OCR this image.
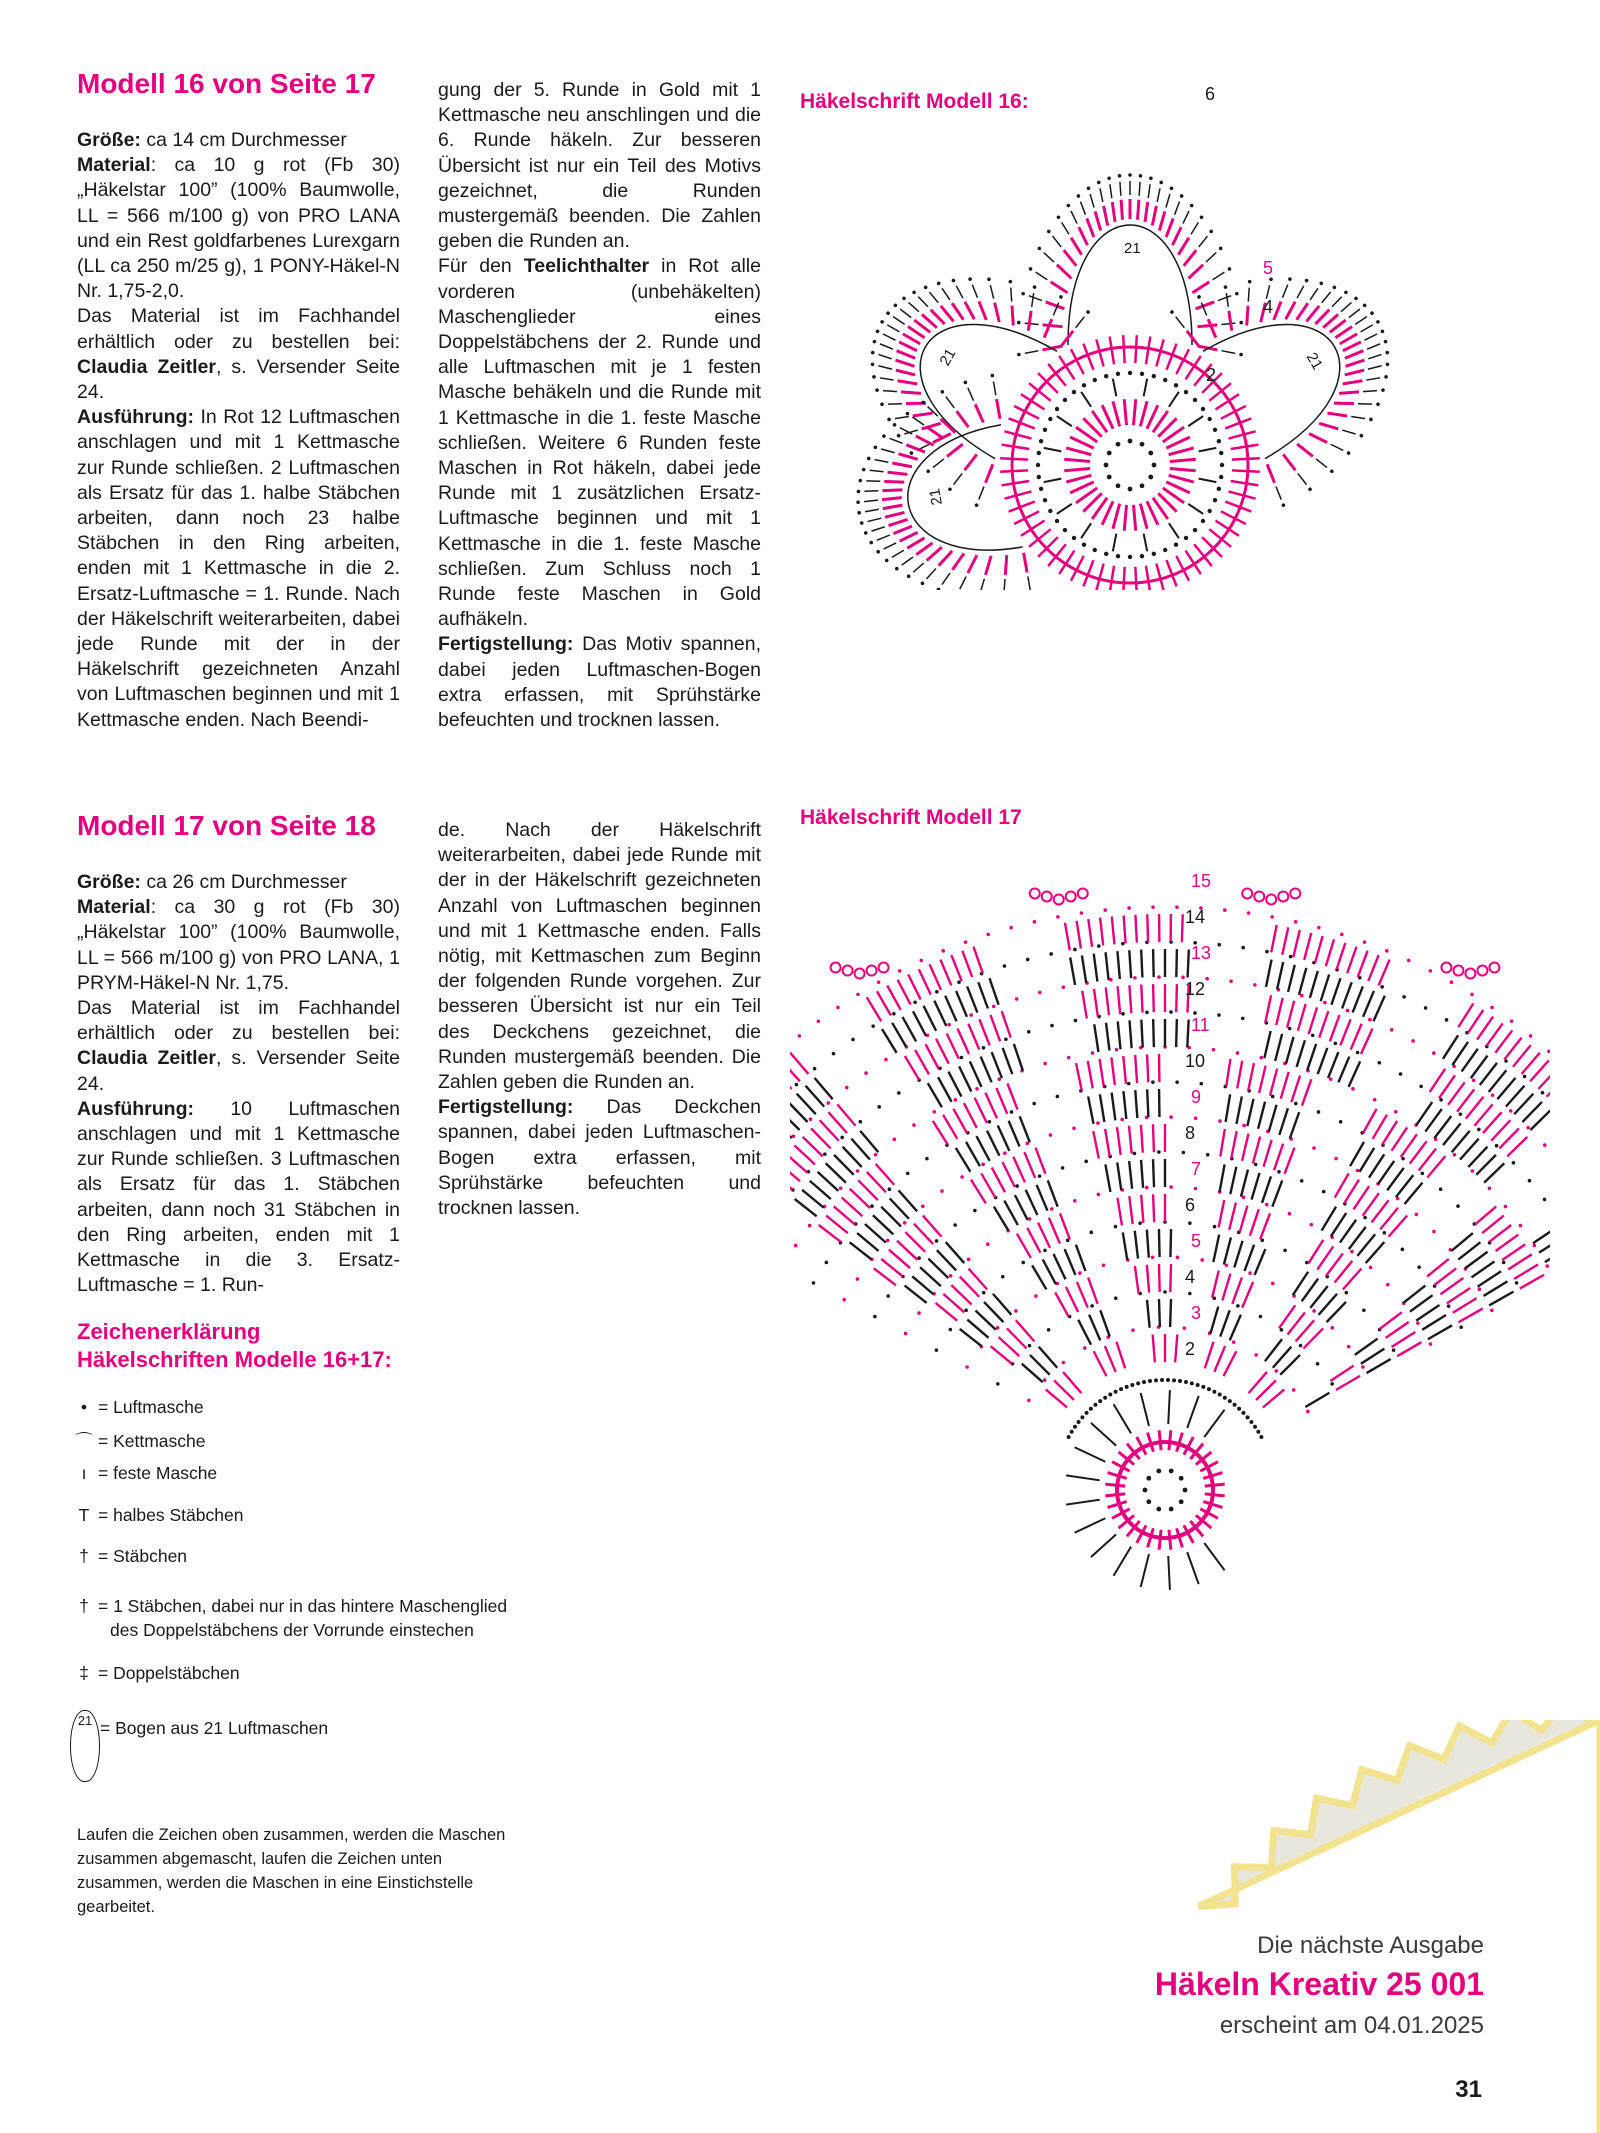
Modell 16 von Seite 17

Größe: ca 14 cm Durchmesser

Material: ca 10 g rot (Fb 30) „Häkelstar 100” (100% Baumwolle, LL = 566 m/100 g) von PRO LANA und ein Rest goldfarbenes Lurexgarn (LL ca 250 m/25 g), 1 PONY-Häkel-N Nr. 1,75-2,0.

Das Material ist im Fachhandel erhältlich oder zu bestellen bei: Claudia Zeitler, s. Versender Seite 24.

Ausführung: In Rot 12 Luftmaschen anschlagen und mit 1 Kettmasche zur Runde schließen. 2 Luftmaschen als Ersatz für das 1. halbe Stäbchen arbeiten, dann noch 23 halbe Stäbchen in den Ring arbeiten, enden mit 1 Kettmasche in die 2. Ersatz-Luftmasche = 1. Runde. Nach der Häkelschrift weiterarbeiten, dabei jede Runde mit der in der Häkelschrift gezeichneten Anzahl von Luftmaschen beginnen und mit 1 Kettmasche enden. Nach Beendi-

gung der 5. Runde in Gold mit 1 Kettmasche neu anschlingen und die 6. Runde häkeln. Zur besseren Übersicht ist nur ein Teil des Motivs gezeichnet, die Runden mustergemäß beenden. Die Zahlen geben die Runden an.

Für den Teelichthalter in Rot alle vorderen (unbehäkelten) Maschenglieder eines Doppelstäbchens der 2. Runde und alle Luftmaschen mit je 1 festen Masche behäkeln und die Runde mit 1 Kettmasche in die 1. feste Masche schließen. Weitere 6 Runden feste Maschen in Rot häkeln, dabei jede Runde mit 1 zusätzlichen Ersatz-Luftmasche beginnen und mit 1 Kettmasche in die 1. feste Masche schließen. Zum Schluss noch 1 Runde feste Maschen in Gold aufhäkeln.

Fertigstellung: Das Motiv spannen, dabei jeden Luftmaschen-Bogen extra erfassen, mit Sprühstärke befeuchten und trocknen lassen.

Häkelschrift Modell 16:
21
21
21
21
6
5
4
2
Modell 17 von Seite 18

Größe: ca 26 cm Durchmesser

Material: ca 30 g rot (Fb 30) „Häkelstar 100” (100% Baumwolle, LL = 566 m/100 g) von PRO LANA, 1 PRYM-Häkel-N Nr. 1,75.

Das Material ist im Fachhandel erhältlich oder zu bestellen bei: Claudia Zeitler, s. Versender Seite 24.

Ausführung: 10 Luftmaschen anschlagen und mit 1 Kettmasche zur Runde schließen. 3 Luftmaschen als Ersatz für das 1. Stäbchen arbeiten, dann noch 31 Stäbchen in den Ring arbeiten, enden mit 1 Kettmasche in die 3. Ersatz-Luftmasche = 1. Run-

de. Nach der Häkelschrift weiterarbeiten, dabei jede Runde mit der in der Häkelschrift gezeichneten Anzahl von Luftmaschen beginnen und mit 1 Kettmasche enden. Falls nötig, mit Kettmaschen zum Beginn der folgenden Runde vorgehen. Zur besseren Übersicht ist nur ein Teil des Deckchens gezeichnet, die Runden mustergemäß beenden. Die Zahlen geben die Runden an.

Fertigstellung: Das Deckchen spannen, dabei jeden Luftmaschen-Bogen extra erfassen, mit Sprühstärke befeuchten und trocknen lassen.

Häkelschrift Modell 17
2
3
4
5
6
7
8
9
10
11
12
13
14
15
Zeichenerklärung
Häkelschriften Modelle 16+17:
• = Luftmasche
⌒ = Kettmasche
ı = feste Masche
T = halbes Stäbchen
† = Stäbchen
† = 1 Stäbchen, dabei nur in das hintere Maschenglied
des Doppelstäbchens der Vorrunde einstechen
‡ = Doppelstäbchen
21 = Bogen aus 21 Luftmaschen
Laufen die Zeichen oben zusammen, werden die Maschen zusammen abgemascht, laufen die Zeichen unten zusammen, werden die Maschen in eine Einstichstelle gearbeitet.
Die nächste Ausgabe
Häkeln Kreativ 25 001
erscheint am 04.01.2025
31
